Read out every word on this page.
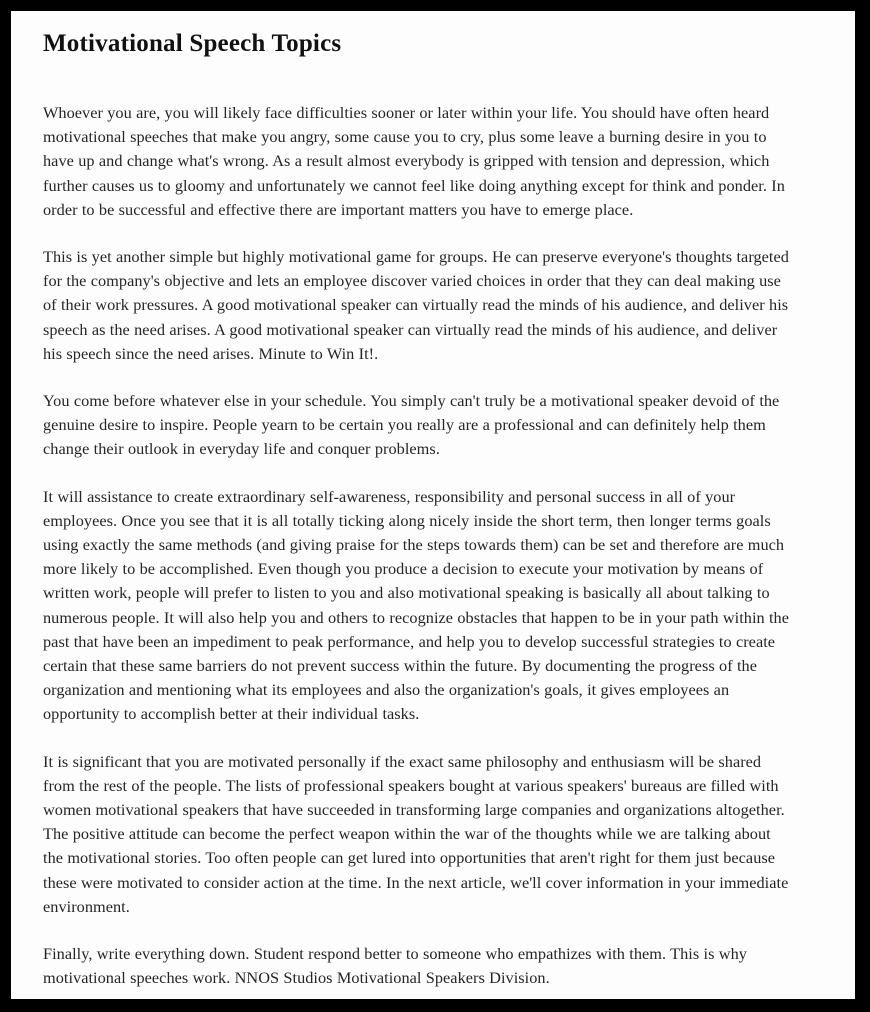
Motivational Speech Topics

Whoever you are, you will likely face difficulties sooner or later within your life. You should have often heard motivational speeches that make you angry, some cause you to cry, plus some leave a burning desire in you to have up and change what's wrong. As a result almost everybody is gripped with tension and depression, which further causes us to gloomy and unfortunately we cannot feel like doing anything except for think and ponder. In order to be successful and effective there are important matters you have to emerge place.

This is yet another simple but highly motivational game for groups. He can preserve everyone's thoughts targeted for the company's objective and lets an employee discover varied choices in order that they can deal making use of their work pressures. A good motivational speaker can virtually read the minds of his audience, and deliver his speech as the need arises. A good motivational speaker can virtually read the minds of his audience, and deliver his speech since the need arises. Minute to Win It!.

You come before whatever else in your schedule. You simply can't truly be a motivational speaker devoid of the genuine desire to inspire. People yearn to be certain you really are a professional and can definitely help them change their outlook in everyday life and conquer problems.

It will assistance to create extraordinary self-awareness, responsibility and personal success in all of your employees. Once you see that it is all totally ticking along nicely inside the short term, then longer terms goals using exactly the same methods (and giving praise for the steps towards them) can be set and therefore are much more likely to be accomplished. Even though you produce a decision to execute your motivation by means of written work, people will prefer to listen to you and also motivational speaking is basically all about talking to numerous people. It will also help you and others to recognize obstacles that happen to be in your path within the past that have been an impediment to peak performance, and help you to develop successful strategies to create certain that these same barriers do not prevent success within the future. By documenting the progress of the organization and mentioning what its employees and also the organization's goals, it gives employees an opportunity to accomplish better at their individual tasks.

It is significant that you are motivated personally if the exact same philosophy and enthusiasm will be shared from the rest of the people. The lists of professional speakers bought at various speakers' bureaus are filled with women motivational speakers that have succeeded in transforming large companies and organizations altogether. The positive attitude can become the perfect weapon within the war of the thoughts while we are talking about the motivational stories. Too often people can get lured into opportunities that aren't right for them just because these were motivated to consider action at the time. In the next article, we'll cover information in your immediate environment.

Finally, write everything down. Student respond better to someone who empathizes with them. This is why motivational speeches work. NNOS Studios Motivational Speakers Division.
